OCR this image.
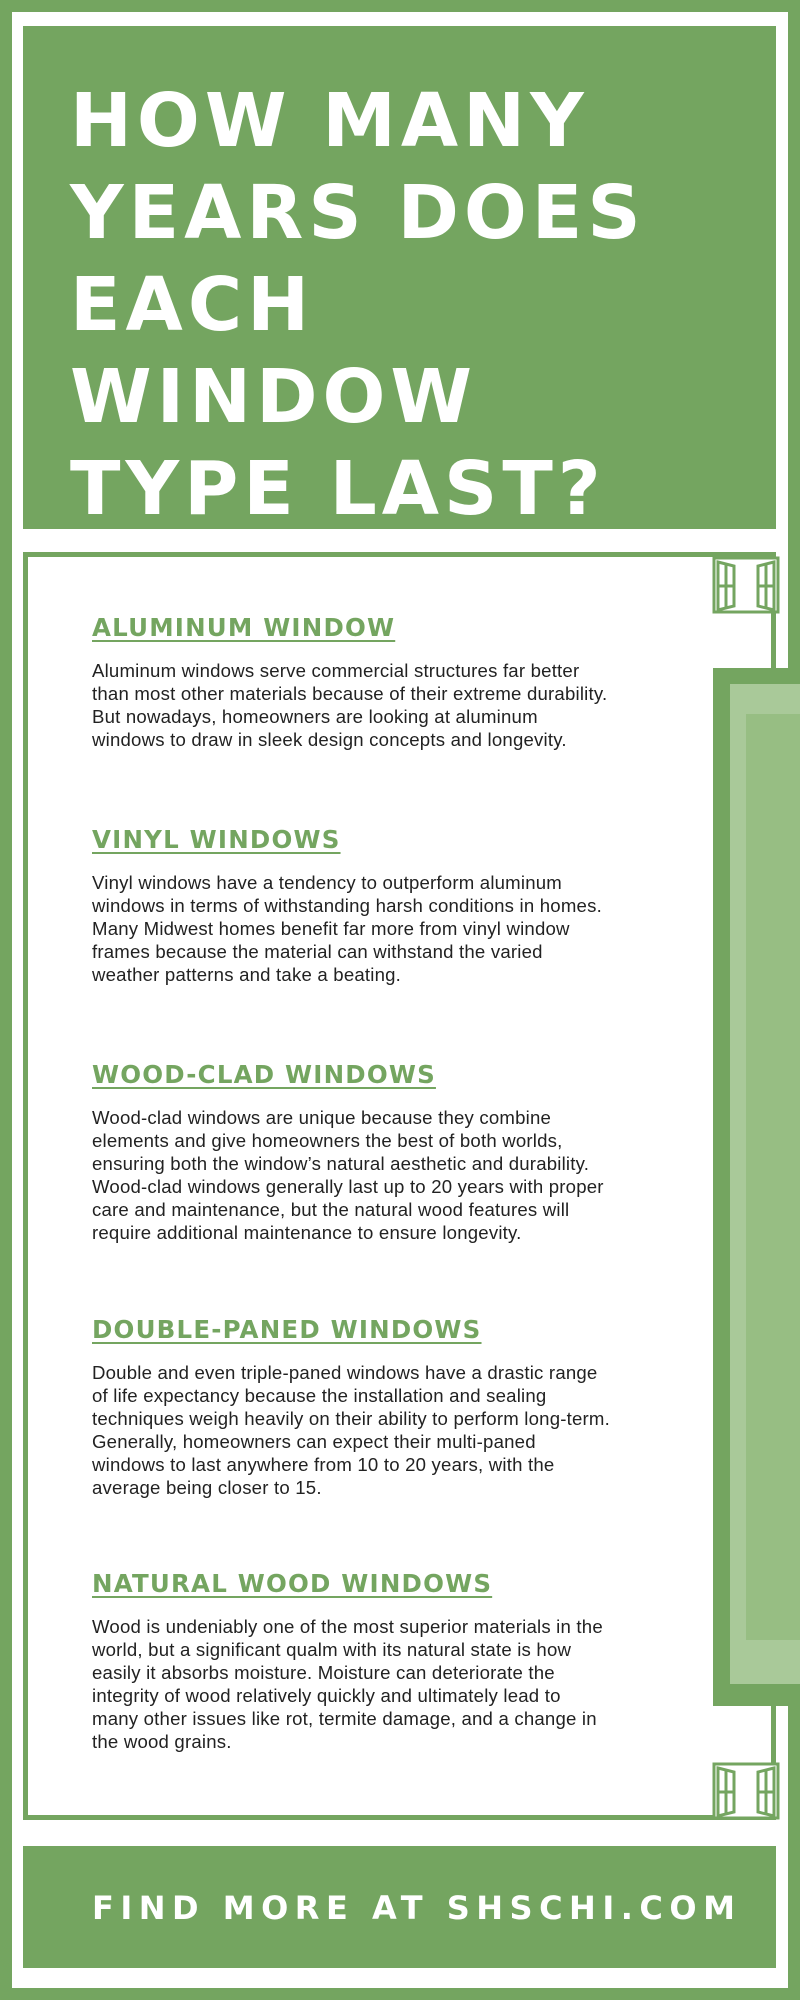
HOW MANY
YEARS DOES
EACH WINDOW
TYPE LAST?
ALUMINUM WINDOW

Aluminum windows serve commercial structures far better
than most other materials because of their extreme durability.
But nowadays, homeowners are looking at aluminum
windows to draw in sleek design concepts and longevity.

VINYL WINDOWS

Vinyl windows have a tendency to outperform aluminum
windows in terms of withstanding harsh conditions in homes.
Many Midwest homes benefit far more from vinyl window
frames because the material can withstand the varied
weather patterns and take a beating.

WOOD-CLAD WINDOWS

Wood-clad windows are unique because they combine
elements and give homeowners the best of both worlds,
ensuring both the window’s natural aesthetic and durability.
Wood-clad windows generally last up to 20 years with proper
care and maintenance, but the natural wood features will
require additional maintenance to ensure longevity.

DOUBLE-PANED WINDOWS

Double and even triple-paned windows have a drastic range
of life expectancy because the installation and sealing
techniques weigh heavily on their ability to perform long-term.
Generally, homeowners can expect their multi-paned
windows to last anywhere from 10 to 20 years, with the
average being closer to 15.

NATURAL WOOD WINDOWS

Wood is undeniably one of the most superior materials in the
world, but a significant qualm with its natural state is how
easily it absorbs moisture. Moisture can deteriorate the
integrity of wood relatively quickly and ultimately lead to
many other issues like rot, termite damage, and a change in
the wood grains.

FIND MORE AT SHSCHI.COM
